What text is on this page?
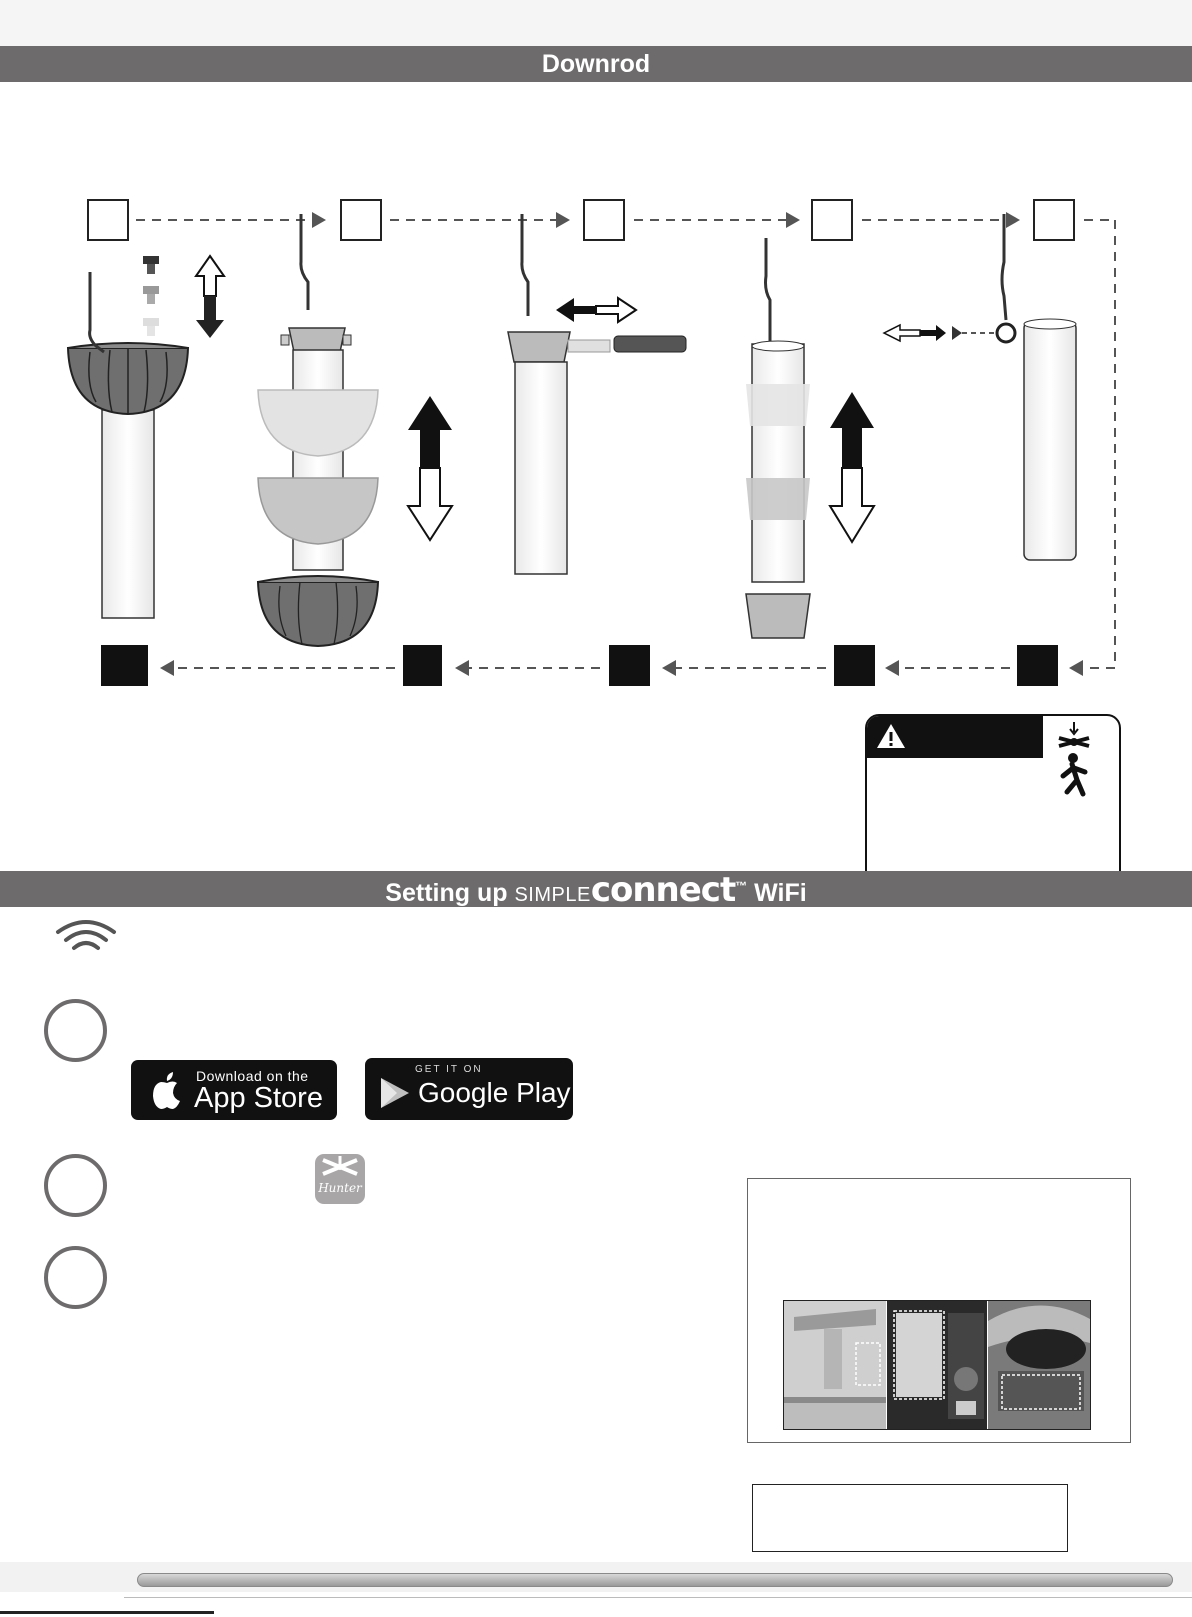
Downrod
Setting up SIMPLEconnect™ WiFi
Download on the
App Store
GET IT ON
Google Play
Hunter
